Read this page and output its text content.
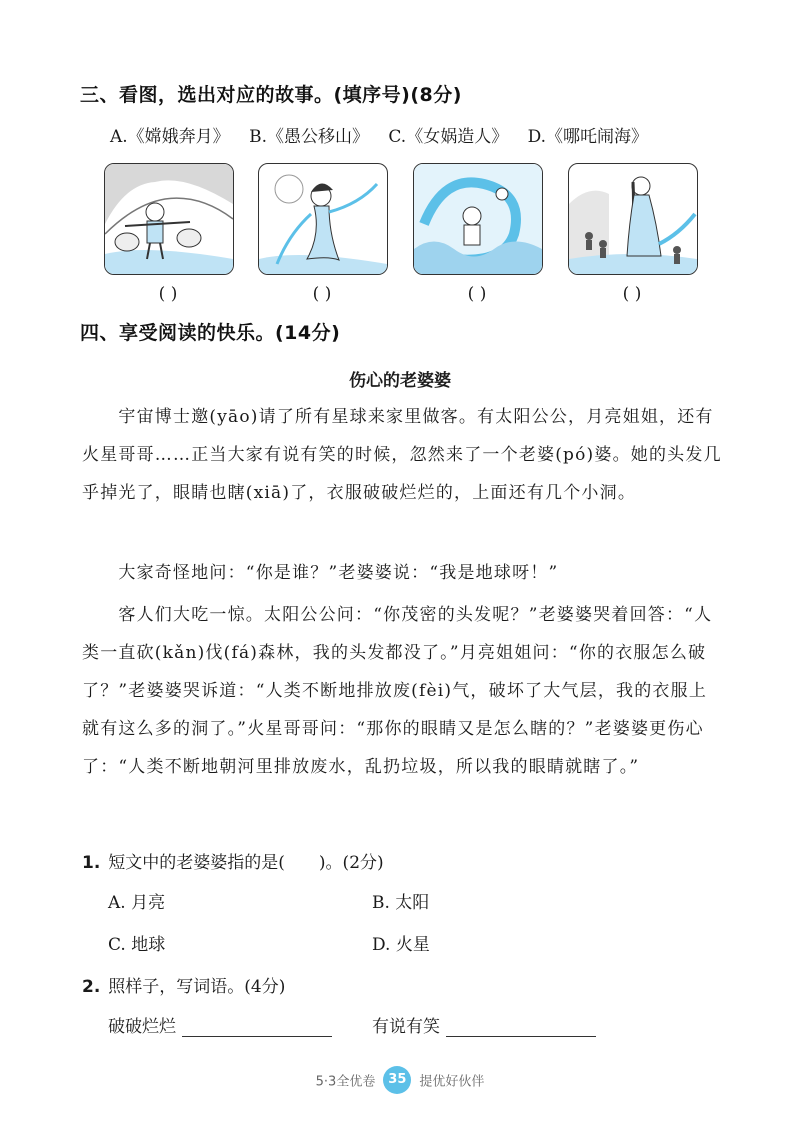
三、看图，选出对应的故事。(填序号)(8分)
A.《嫦娥奔月》 B.《愚公移山》 C.《女娲造人》 D.《哪吒闹海》
( )	( )	( )	( )
四、享受阅读的快乐。(14分)
伤心的老婆婆

　　宇宙博士邀(yāo)请了所有星球来家里做客。有太阳公公，月亮姐姐，还有火星哥哥……正当大家有说有笑的时候，忽然来了一个老婆(pó)婆。她的头发几乎掉光了，眼睛也瞎(xiā)了，衣服破破烂烂的，上面还有几个小洞。

　　大家奇怪地问：“你是谁？”老婆婆说：“我是地球呀！”

　　客人们大吃一惊。太阳公公问：“你茂密的头发呢？”老婆婆哭着回答：“人类一直砍(kǎn)伐(fá)森林，我的头发都没了。”月亮姐姐问：“你的衣服怎么破了？”老婆婆哭诉道：“人类不断地排放废(fèi)气，破坏了大气层，我的衣服上就有这么多的洞了。”火星哥哥问：“那你的眼睛又是怎么瞎的？”老婆婆更伤心了：“人类不断地朝河里排放废水，乱扔垃圾，所以我的眼睛就瞎了。”

1. 短文中的老婆婆指的是(　　)。(2分)
A. 月亮	B. 太阳
C. 地球	D. 火星
2. 照样子，写词语。(4分)
破破烂烂	有说有笑
5·3全优卷 35 提优好伙伴
